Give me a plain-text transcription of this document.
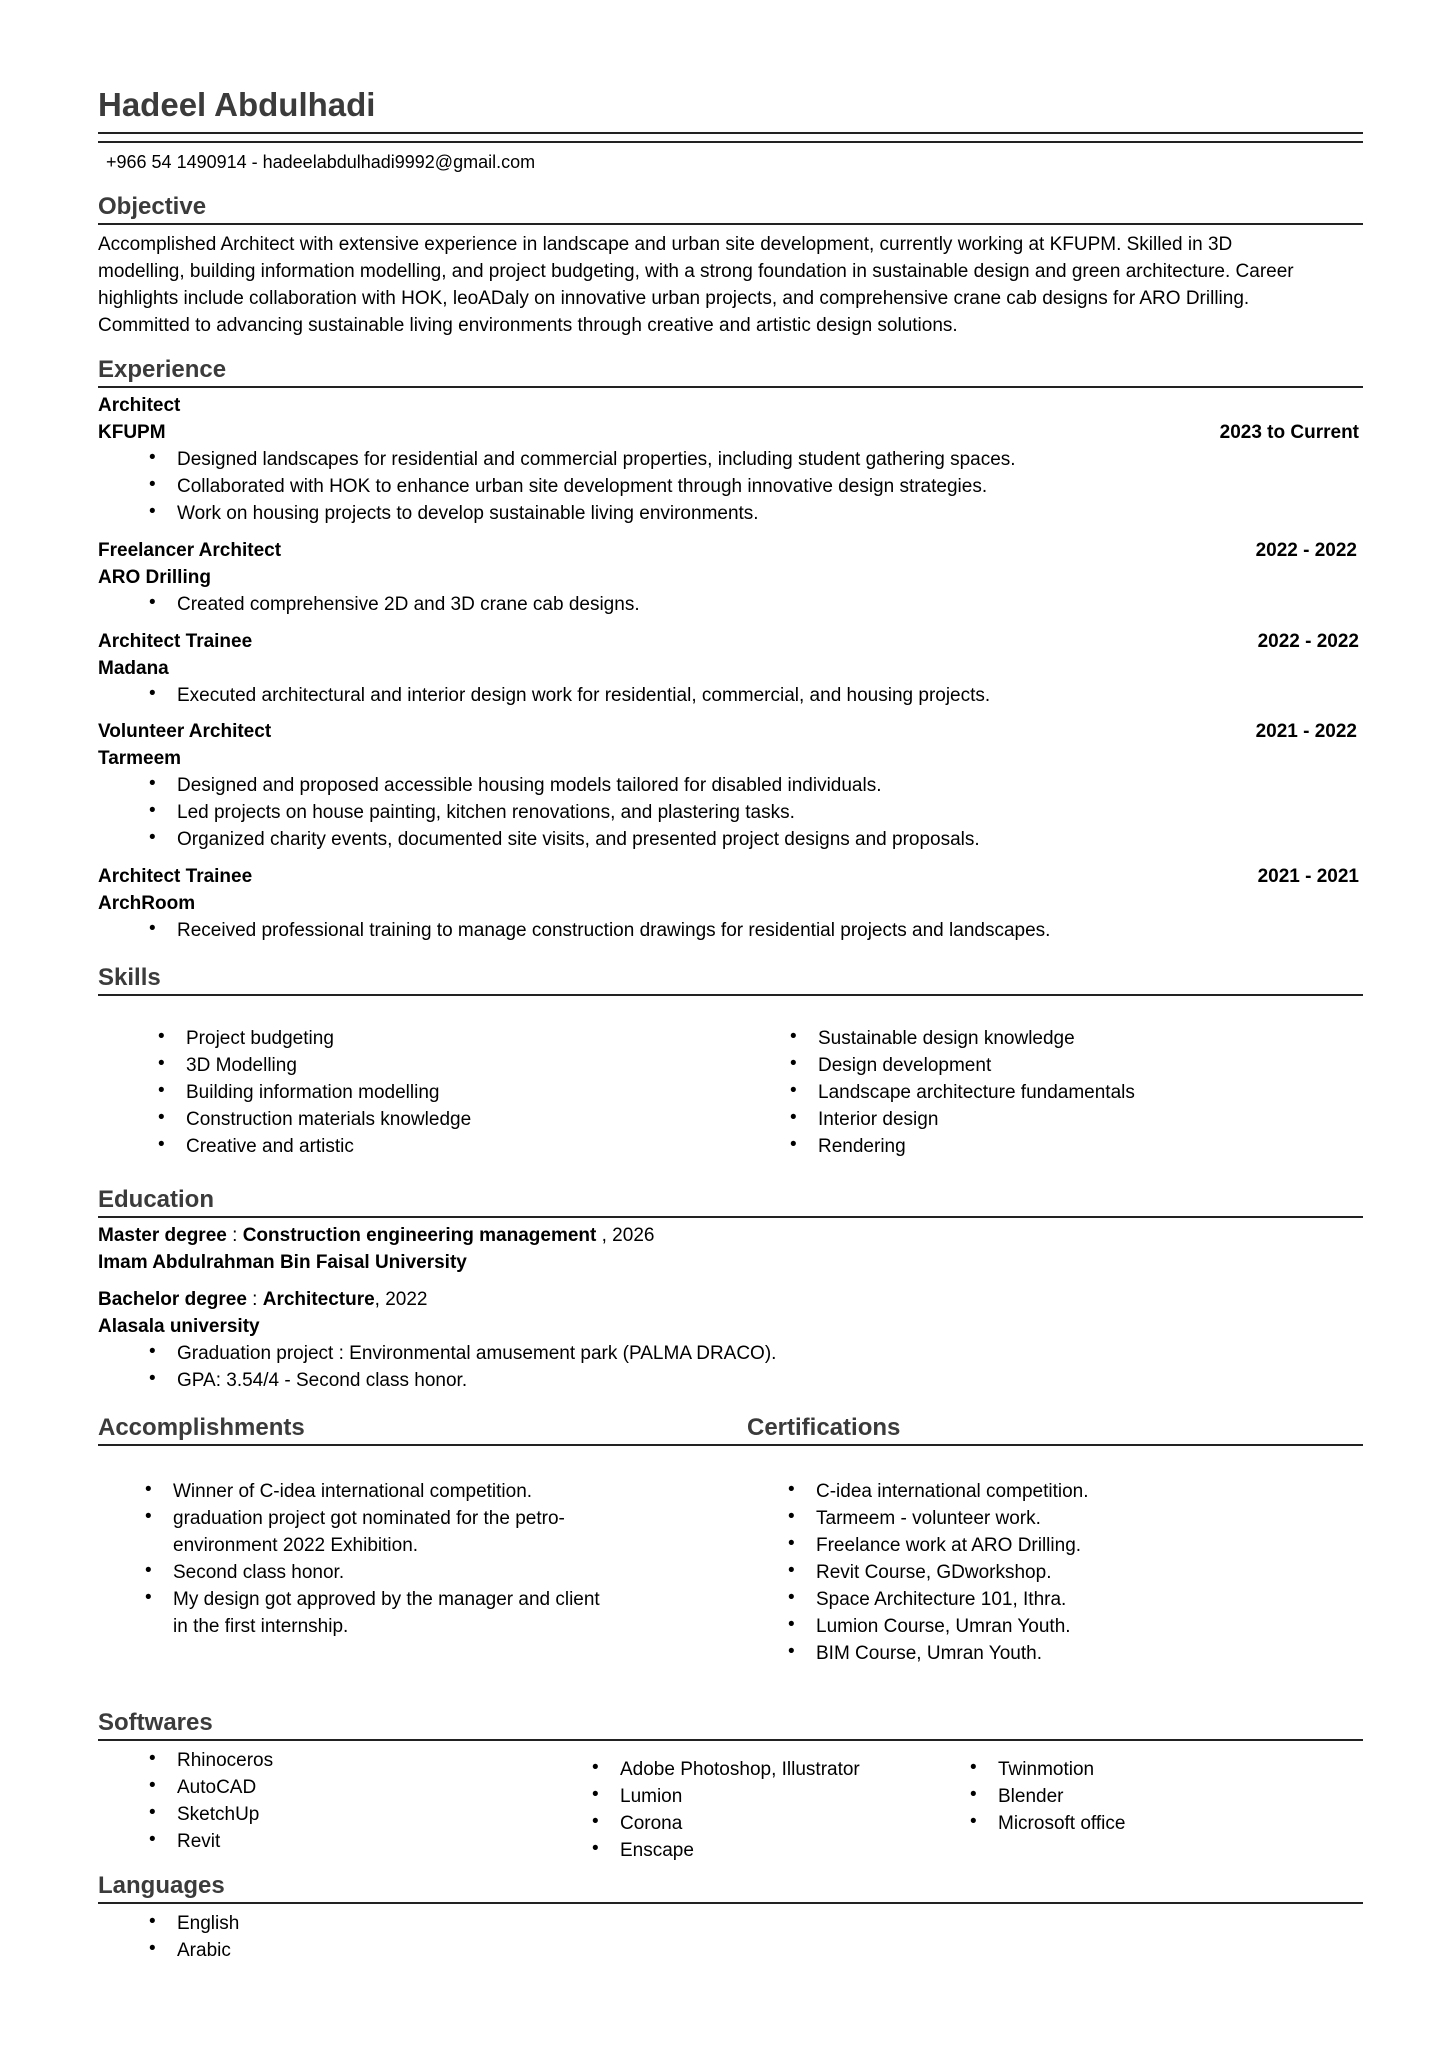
Hadeel Abdulhadi
+966 54 1490914 - hadeelabdulhadi9992@gmail.com
Objective
Accomplished Architect with extensive experience in landscape and urban site development, currently working at KFUPM. Skilled in 3D
modelling, building information modelling, and project budgeting, with a strong foundation in sustainable design and green architecture. Career
highlights include collaboration with HOK, leoADaly on innovative urban projects, and comprehensive crane cab designs for ARO Drilling.
Committed to advancing sustainable living environments through creative and artistic design solutions.
Experience
Architect
KFUPM	2023 to Current
• Designed landscapes for residential and commercial properties, including student gathering spaces.
• Collaborated with HOK to enhance urban site development through innovative design strategies.
• Work on housing projects to develop sustainable living environments.
Freelancer Architect	2022 - 2022
ARO Drilling
• Created comprehensive 2D and 3D crane cab designs.
Architect Trainee	2022 - 2022
Madana
• Executed architectural and interior design work for residential, commercial, and housing projects.
Volunteer Architect	2021 - 2022
Tarmeem
• Designed and proposed accessible housing models tailored for disabled individuals.
• Led projects on house painting, kitchen renovations, and plastering tasks.
• Organized charity events, documented site visits, and presented project designs and proposals.
Architect Trainee	2021 - 2021
ArchRoom
• Received professional training to manage construction drawings for residential projects and landscapes.
Skills
• Project budgeting
• 3D Modelling
• Building information modelling
• Construction materials knowledge
• Creative and artistic
• Sustainable design knowledge
• Design development
• Landscape architecture fundamentals
• Interior design
• Rendering
Education
Master degree : Construction engineering management , 2026
Imam Abdulrahman Bin Faisal University
Bachelor degree : Architecture, 2022
Alasala university
• Graduation project : Environmental amusement park (PALMA DRACO).
• GPA: 3.54/4 - Second class honor.
Accomplishments	Certifications
• Winner of C-idea international competition.
• graduation project got nominated for the petro-
environment 2022 Exhibition.
• Second class honor.
• My design got approved by the manager and client
in the first internship.
• C-idea international competition.
• Tarmeem - volunteer work.
• Freelance work at ARO Drilling.
• Revit Course, GDworkshop.
• Space Architecture 101, Ithra.
• Lumion Course, Umran Youth.
• BIM Course, Umran Youth.
Softwares
• Rhinoceros
• AutoCAD
• SketchUp
• Revit
• Adobe Photoshop, Illustrator
• Lumion
• Corona
• Enscape
• Twinmotion
• Blender
• Microsoft office
Languages
• English
• Arabic
